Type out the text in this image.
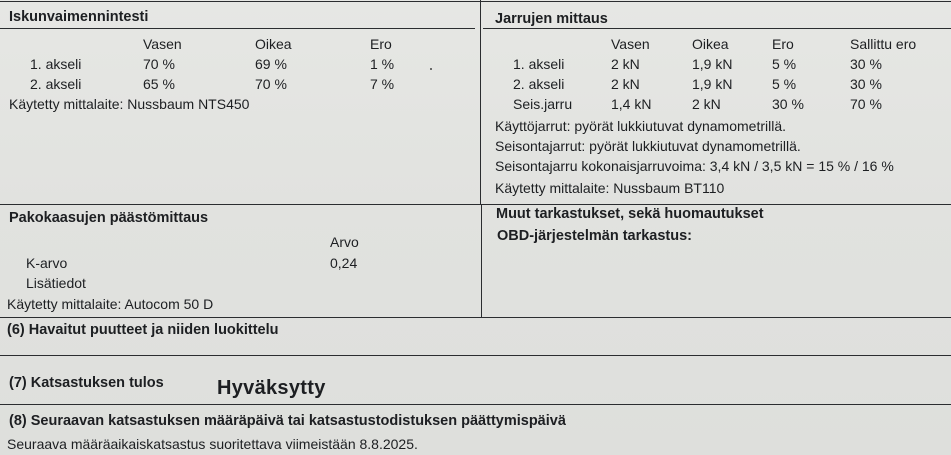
Iskunvaimennintesti
Vasen	Oikea	Ero
1. akseli	70 %	69 %	1 %
2. akseli	65 %	70 %	7 %
Käytetty mittalaite: Nussbaum NTS450
Jarrujen mittaus
Vasen	Oikea	Ero	Sallittu ero
1. akseli	2 kN	1,9 kN	5 %	30 %
2. akseli	2 kN	1,9 kN	5 %	30 %
Seis.jarru	1,4 kN	2 kN	30 %	70 %
Käyttöjarrut: pyörät lukkiutuvat dynamometrillä.
Seisontajarrut: pyörät lukkiutuvat dynamometrillä.
Seisontajarru kokonaisjarruvoima: 3,4 kN / 3,5 kN = 15 % / 16 %
Käytetty mittalaite: Nussbaum BT110
Pakokaasujen päästömittaus
Arvo
K-arvo	0,24
Lisätiedot
Käytetty mittalaite: Autocom 50 D
Muut tarkastukset, sekä huomautukset
OBD-järjestelmän tarkastus:
(6) Havaitut puutteet ja niiden luokittelu
(7) Katsastuksen tulos	Hyväksytty
(8) Seuraavan katsastuksen määräpäivä tai katsastustodistuksen päättymispäivä
Seuraava määräaikaiskatsastus suoritettava viimeistään 8.8.2025.
